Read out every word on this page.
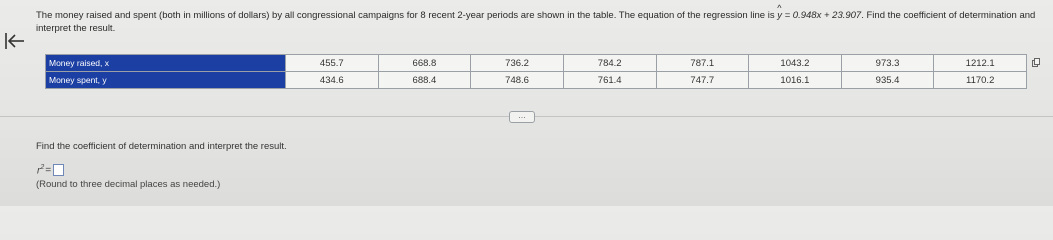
The money raised and spent (both in millions of dollars) by all congressional campaigns for 8 recent 2-year periods are shown in the table. The equation of the regression line is ^ y = 0.948x + 23.907. Find the coefficient of determination and interpret the result.
Money raised, x	455.7	668.8	736.2	784.2	787.1	1043.2	973.3	1212.1
Money spent, y	434.6	688.4	748.6	761.4	747.7	1016.1	935.4	1170.2
…
Find the coefficient of determination and interpret the result.
$r^2$ =
(Round to three decimal places as needed.)
